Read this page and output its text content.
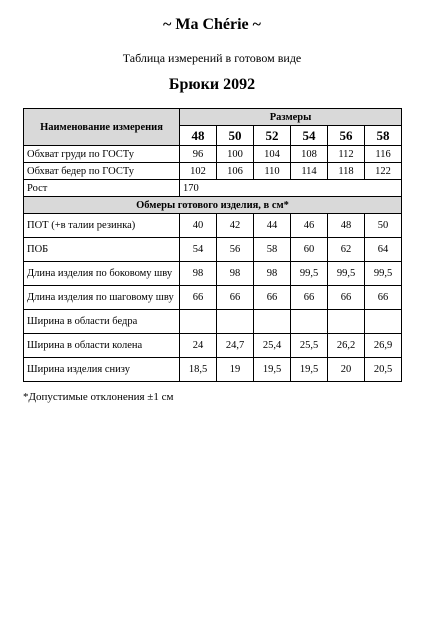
~ Ma Chérie ~
Таблица измерений в готовом виде
Брюки 2092
Наименование измерения	Размеры					
	48	50	52	54	56	58
Обхват груди по ГОСТу	96	100	104	108	112	116
Обхват бедер по ГОСТу	102	106	110	114	118	122
Рост	170					
Обмеры готового изделия, в см*						
ПОТ (+в талии резинка)	40	42	44	46	48	50
ПОБ	54	56	58	60	62	64
Длина изделия по боковому шву	98	98	98	99,5	99,5	99,5
Длина изделия по шаговому шву	66	66	66	66	66	66
Ширина в области бедра						
Ширина в области колена	24	24,7	25,4	25,5	26,2	26,9
Ширина изделия снизу	18,5	19	19,5	19,5	20	20,5
*Допустимые отклонения ±1 см
